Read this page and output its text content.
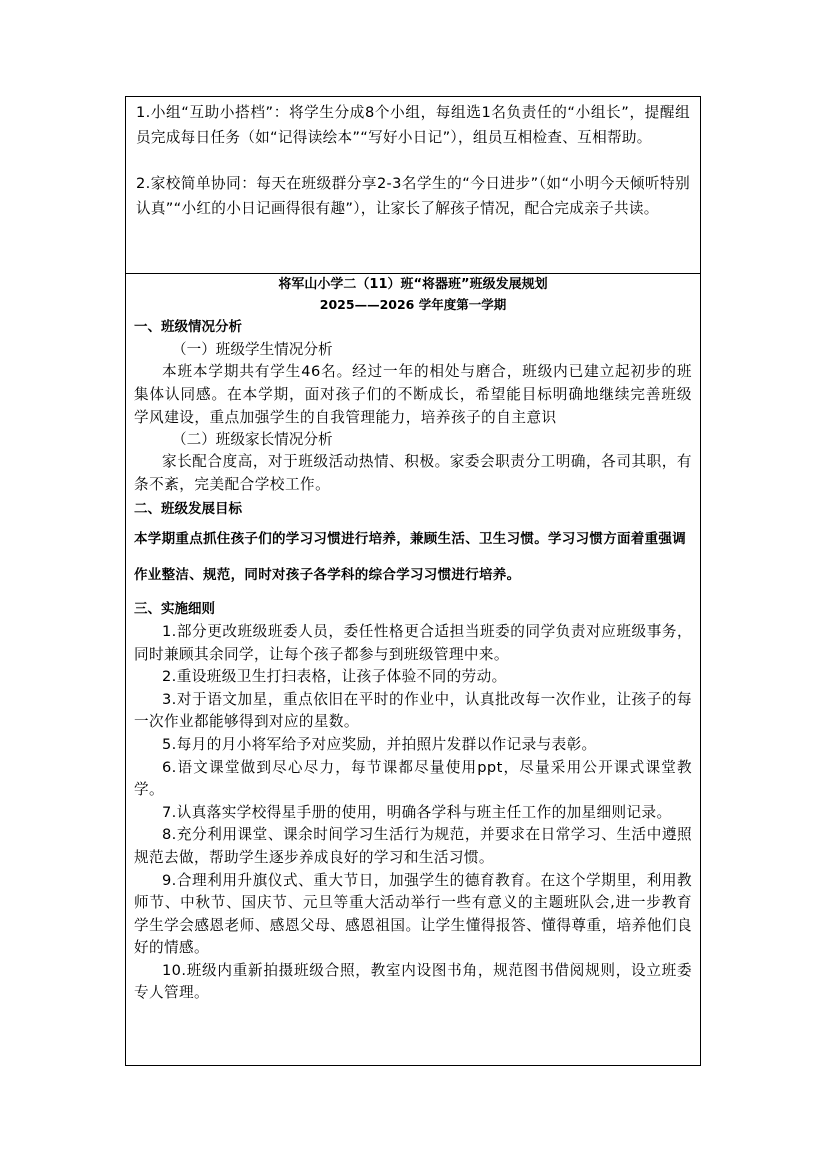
1.小组“互助小搭档”：将学生分成8个小组，每组选1名负责任的“小组长”，提醒组员完成每日任务（如“记得读绘本”“写好小日记”），组员互相检查、互相帮助。

2.家校简单协同：每天在班级群分享2-3名学生的“今日进步”（如“小明今天倾听特别认真”“小红的小日记画得很有趣”），让家长了解孩子情况，配合完成亲子共读。

将军山小学二（11）班“将器班”班级发展规划

2025——2026 学年度第一学期

一、班级情况分析

（一）班级学生情况分析

本班本学期共有学生46名。经过一年的相处与磨合，班级内已建立起初步的班集体认同感。在本学期，面对孩子们的不断成长，希望能目标明确地继续完善班级学风建设，重点加强学生的自我管理能力，培养孩子的自主意识

（二）班级家长情况分析

家长配合度高，对于班级活动热情、积极。家委会职责分工明确，各司其职，有条不紊，完美配合学校工作。

二、班级发展目标

本学期重点抓住孩子们的学习习惯进行培养，兼顾生活、卫生习惯。学习习惯方面着重强调作业整洁、规范，同时对孩子各学科的综合学习习惯进行培养。

三、实施细则

1.部分更改班级班委人员，委任性格更合适担当班委的同学负责对应班级事务，同时兼顾其余同学，让每个孩子都参与到班级管理中来。

2.重设班级卫生打扫表格，让孩子体验不同的劳动。

3.对于语文加星，重点依旧在平时的作业中，认真批改每一次作业，让孩子的每一次作业都能够得到对应的星数。

5.每月的月小将军给予对应奖励，并拍照片发群以作记录与表彰。

6.语文课堂做到尽心尽力，每节课都尽量使用ppt，尽量采用公开课式课堂教学。

7.认真落实学校得星手册的使用，明确各学科与班主任工作的加星细则记录。

8.充分利用课堂、课余时间学习生活行为规范，并要求在日常学习、生活中遵照规范去做，帮助学生逐步养成良好的学习和生活习惯。

9.合理利用升旗仪式、重大节日，加强学生的德育教育。在这个学期里，利用教师节、中秋节、国庆节、元旦等重大活动举行一些有意义的主题班队会,进一步教育学生学会感恩老师、感恩父母、感恩祖国。让学生懂得报答、懂得尊重，培养他们良好的情感。

10.班级内重新拍摄班级合照，教室内设图书角，规范图书借阅规则，设立班委专人管理。
